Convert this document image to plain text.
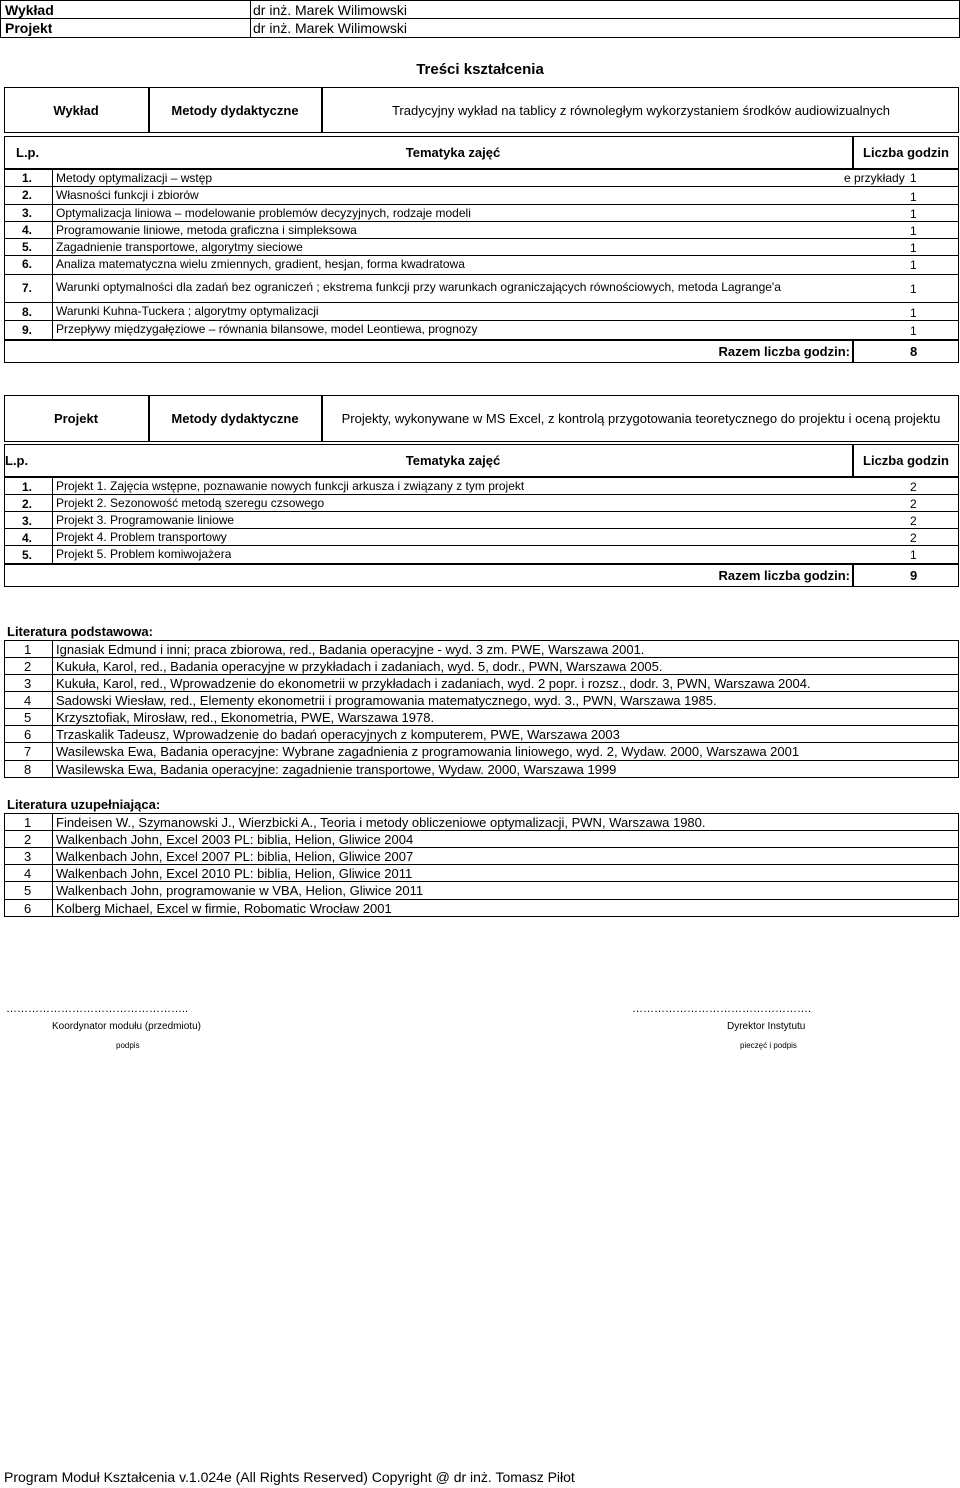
Wykład	dr inż. Marek Wilimowski
Projekt	dr inż. Marek Wilimowski
Treści kształcenia
Wykład	Metody dydaktyczne	Tradycyjny wykład na tablicy z równoległym wykorzystaniem środków audiowizualnych
L.p.	Tematyka zajęć	Liczba godzin
1. Metody optymalizacji – wstęp	e przykłady 1
2. Własności funkcji i zbiorów	1
3. Optymalizacja liniowa – modelowanie problemów decyzyjnych, rodzaje modeli	1
4. Programowanie liniowe, metoda graficzna i simpleksowa	1
5. Zagadnienie transportowe, algorytmy sieciowe	1
6. Analiza matematyczna wielu zmiennych, gradient, hesjan, forma kwadratowa	1
7. Warunki optymalności dla zadań bez ograniczeń ; ekstrema funkcji przy warunkach ograniczających równościowych, metoda Lagrange'a	1
8. Warunki Kuhna-Tuckera ; algorytmy optymalizacji	1
9. Przepływy międzygałęziowe – równania bilansowe, model Leontiewa, prognozy	1
Razem liczba godzin:	8
Projekt	Metody dydaktyczne	Projekty, wykonywane w MS Excel, z kontrolą przygotowania teoretycznego do projektu i oceną projektu
L.p.	Tematyka zajęć	Liczba godzin
1. Projekt 1. Zajęcia wstępne, poznawanie nowych funkcji arkusza i związany z tym projekt	2
2. Projekt 2. Sezonowość metodą szeregu czsowego	2
3. Projekt 3. Programowanie liniowe	2
4. Projekt 4. Problem transportowy	2
5. Projekt 5. Problem komiwojażera	1
Razem liczba godzin:	9
Literatura podstawowa:
1 Ignasiak Edmund i inni; praca zbiorowa, red., Badania operacyjne - wyd. 3 zm. PWE, Warszawa 2001.
2 Kukuła, Karol, red., Badania operacyjne w przykładach i zadaniach, wyd. 5, dodr., PWN, Warszawa 2005.
3 Kukuła, Karol, red., Wprowadzenie do ekonometrii w przykładach i zadaniach, wyd. 2 popr. i rozsz., dodr. 3, PWN, Warszawa 2004.
4 Sadowski Wiesław, red., Elementy ekonometrii i programowania matematycznego, wyd. 3., PWN, Warszawa 1985.
5 Krzysztofiak, Mirosław, red., Ekonometria, PWE, Warszawa 1978.
6 Trzaskalik Tadeusz, Wprowadzenie do badań operacyjnych z komputerem, PWE, Warszawa 2003
7 Wasilewska Ewa, Badania operacyjne: Wybrane zagadnienia z programowania liniowego, wyd. 2, Wydaw. 2000, Warszawa 2001
8 Wasilewska Ewa, Badania operacyjne: zagadnienie transportowe, Wydaw. 2000, Warszawa 1999
Literatura uzupełniająca:
1 Findeisen W., Szymanowski J., Wierzbicki A., Teoria i metody obliczeniowe optymalizacji, PWN, Warszawa 1980.
2 Walkenbach John, Excel 2003 PL: biblia, Helion, Gliwice 2004
3 Walkenbach John, Excel 2007 PL: biblia, Helion, Gliwice 2007
4 Walkenbach John, Excel 2010 PL: biblia, Helion, Gliwice 2011
5 Walkenbach John, programowanie w VBA, Helion, Gliwice 2011
6 Kolberg Michael, Excel w firmie, Robomatic Wrocław 2001
…………………………………………..
Koordynator modułu (przedmiotu)
podpis
………………………………………….
Dyrektor Instytutu
pieczęć i podpis
Program Moduł Kształcenia v.1.024e (All Rights Reserved) Copyright @ dr inż. Tomasz Piłot
